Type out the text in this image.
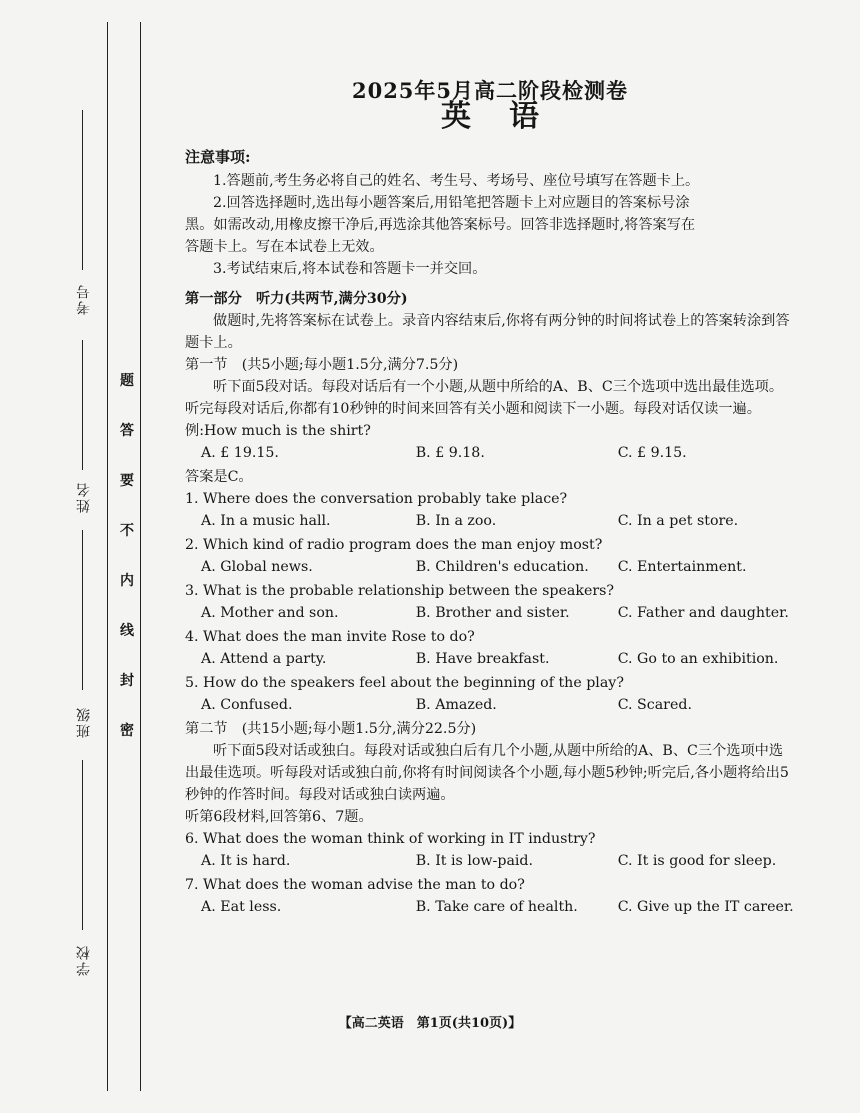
考号
姓名
班级
学校
题
答
要
不
内
线
封
密

2025年5月高二阶段检测卷

英语

注意事项:

1.答题前,考生务必将自己的姓名、考生号、考场号、座位号填写在答题卡上。

2.回答选择题时,选出每小题答案后,用铅笔把答题卡上对应题目的答案标号涂

黑。如需改动,用橡皮擦干净后,再选涂其他答案标号。回答非选择题时,将答案写在

答题卡上。写在本试卷上无效。

3.考试结束后,将本试卷和答题卡一并交回。

第一部分　听力(共两节,满分30分)

做题时,先将答案标在试卷上。录音内容结束后,你将有两分钟的时间将试卷上的答案转涂到答题卡上。

第一节　(共5小题;每小题1.5分,满分7.5分)

听下面5段对话。每段对话后有一个小题,从题中所给的A、B、C三个选项中选出最佳选项。听完每段对话后,你都有10秒钟的时间来回答有关小题和阅读下一小题。每段对话仅读一遍。

例:How much is the shirt?

A. £ 19.15.	B. £ 9.18.	C. £ 9.15.

答案是C。

1. Where does the conversation probably take place?

A. In a music hall.	B. In a zoo.	C. In a pet store.

2. Which kind of radio program does the man enjoy most?

A. Global news.	B. Children's education.	C. Entertainment.

3. What is the probable relationship between the speakers?

A. Mother and son.	B. Brother and sister.	C. Father and daughter.

4. What does the man invite Rose to do?

A. Attend a party.	B. Have breakfast.	C. Go to an exhibition.

5. How do the speakers feel about the beginning of the play?

A. Confused.	B. Amazed.	C. Scared.

第二节　(共15小题;每小题1.5分,满分22.5分)

听下面5段对话或独白。每段对话或独白后有几个小题,从题中所给的A、B、C三个选项中选出最佳选项。听每段对话或独白前,你将有时间阅读各个小题,每小题5秒钟;听完后,各小题将给出5秒钟的作答时间。每段对话或独白读两遍。

听第6段材料,回答第6、7题。

6. What does the woman think of working in IT industry?

A. It is hard.	B. It is low-paid.	C. It is good for sleep.

7. What does the woman advise the man to do?

A. Eat less.	B. Take care of health.	C. Give up the IT career.
【高二英语　第1页(共10页)】
